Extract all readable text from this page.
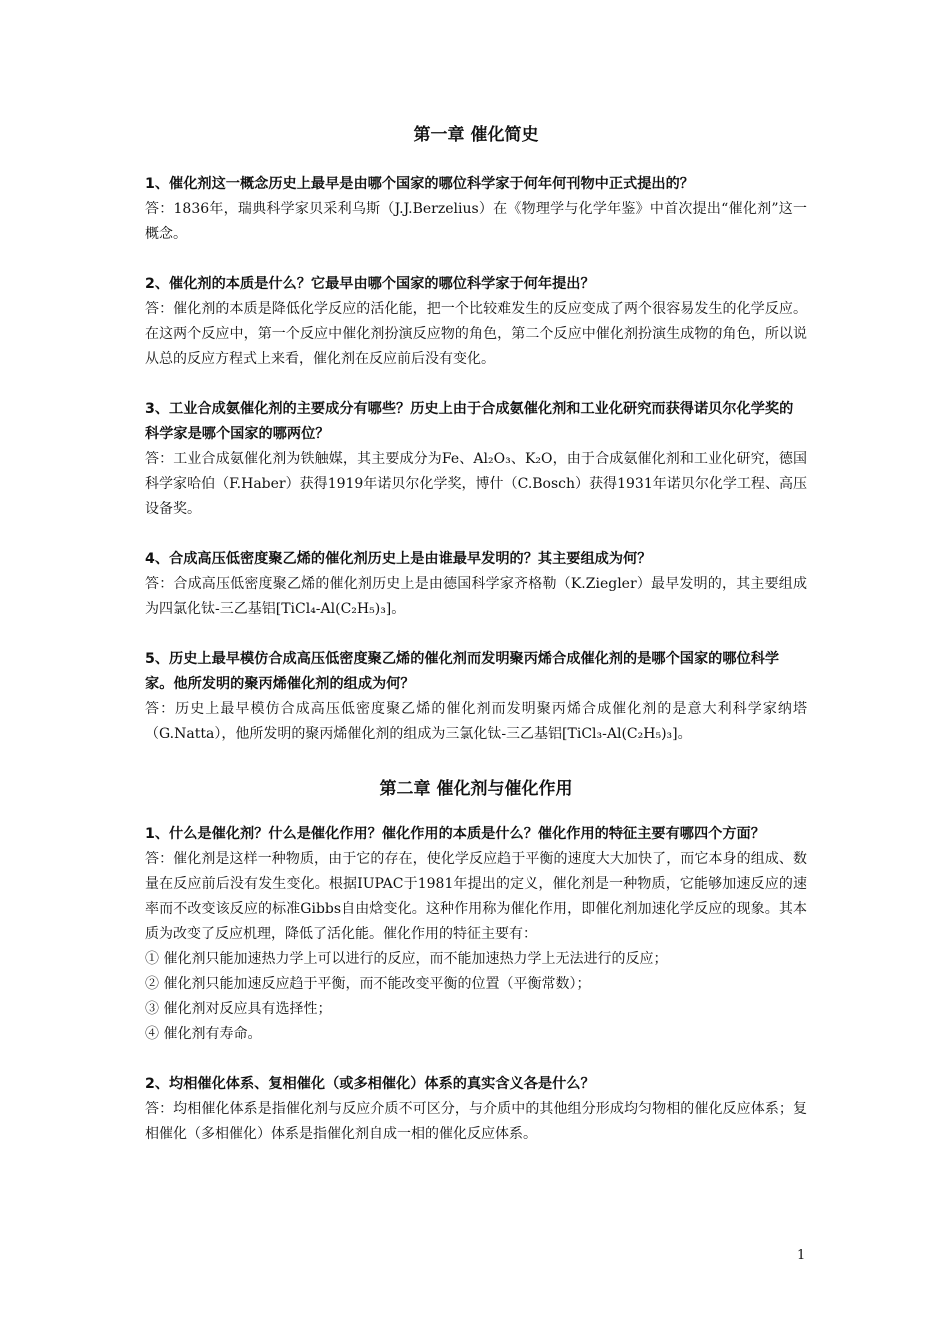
第一章 催化简史

1、催化剂这一概念历史上最早是由哪个国家的哪位科学家于何年何刊物中正式提出的？

答：1836年，瑞典科学家贝采利乌斯（J.J.Berzelius）在《物理学与化学年鉴》中首次提出“催化剂”这一概念。

2、催化剂的本质是什么？它最早由哪个国家的哪位科学家于何年提出？

答：催化剂的本质是降低化学反应的活化能，把一个比较难发生的反应变成了两个很容易发生的化学反应。在这两个反应中，第一个反应中催化剂扮演反应物的角色，第二个反应中催化剂扮演生成物的角色，所以说从总的反应方程式上来看，催化剂在反应前后没有变化。

3、工业合成氨催化剂的主要成分有哪些？历史上由于合成氨催化剂和工业化研究而获得诺贝尔化学奖的科学家是哪个国家的哪两位？

答：工业合成氨催化剂为铁触媒，其主要成分为Fe、Al₂O₃、K₂O，由于合成氨催化剂和工业化研究，德国科学家哈伯（F.Haber）获得1919年诺贝尔化学奖，博什（C.Bosch）获得1931年诺贝尔化学工程、高压设备奖。

4、合成高压低密度聚乙烯的催化剂历史上是由谁最早发明的？其主要组成为何？

答：合成高压低密度聚乙烯的催化剂历史上是由德国科学家齐格勒（K.Ziegler）最早发明的，其主要组成为四氯化钛-三乙基铝[TiCl₄-Al(C₂H₅)₃]。

5、历史上最早模仿合成高压低密度聚乙烯的催化剂而发明聚丙烯合成催化剂的是哪个国家的哪位科学家。他所发明的聚丙烯催化剂的组成为何？

答：历史上最早模仿合成高压低密度聚乙烯的催化剂而发明聚丙烯合成催化剂的是意大利科学家纳塔（G.Natta），他所发明的聚丙烯催化剂的组成为三氯化钛-三乙基铝[TiCl₃-Al(C₂H₅)₃]。

第二章 催化剂与催化作用

1、什么是催化剂？什么是催化作用？催化作用的本质是什么？催化作用的特征主要有哪四个方面？

答：催化剂是这样一种物质，由于它的存在，使化学反应趋于平衡的速度大大加快了，而它本身的组成、数量在反应前后没有发生变化。根据IUPAC于1981年提出的定义，催化剂是一种物质，它能够加速反应的速率而不改变该反应的标准Gibbs自由焓变化。这种作用称为催化作用，即催化剂加速化学反应的现象。其本质为改变了反应机理，降低了活化能。催化作用的特征主要有：

① 催化剂只能加速热力学上可以进行的反应，而不能加速热力学上无法进行的反应；

② 催化剂只能加速反应趋于平衡，而不能改变平衡的位置（平衡常数）；

③ 催化剂对反应具有选择性；

④ 催化剂有寿命。

2、均相催化体系、复相催化（或多相催化）体系的真实含义各是什么？

答：均相催化体系是指催化剂与反应介质不可区分，与介质中的其他组分形成均匀物相的催化反应体系；复相催化（多相催化）体系是指催化剂自成一相的催化反应体系。

1
